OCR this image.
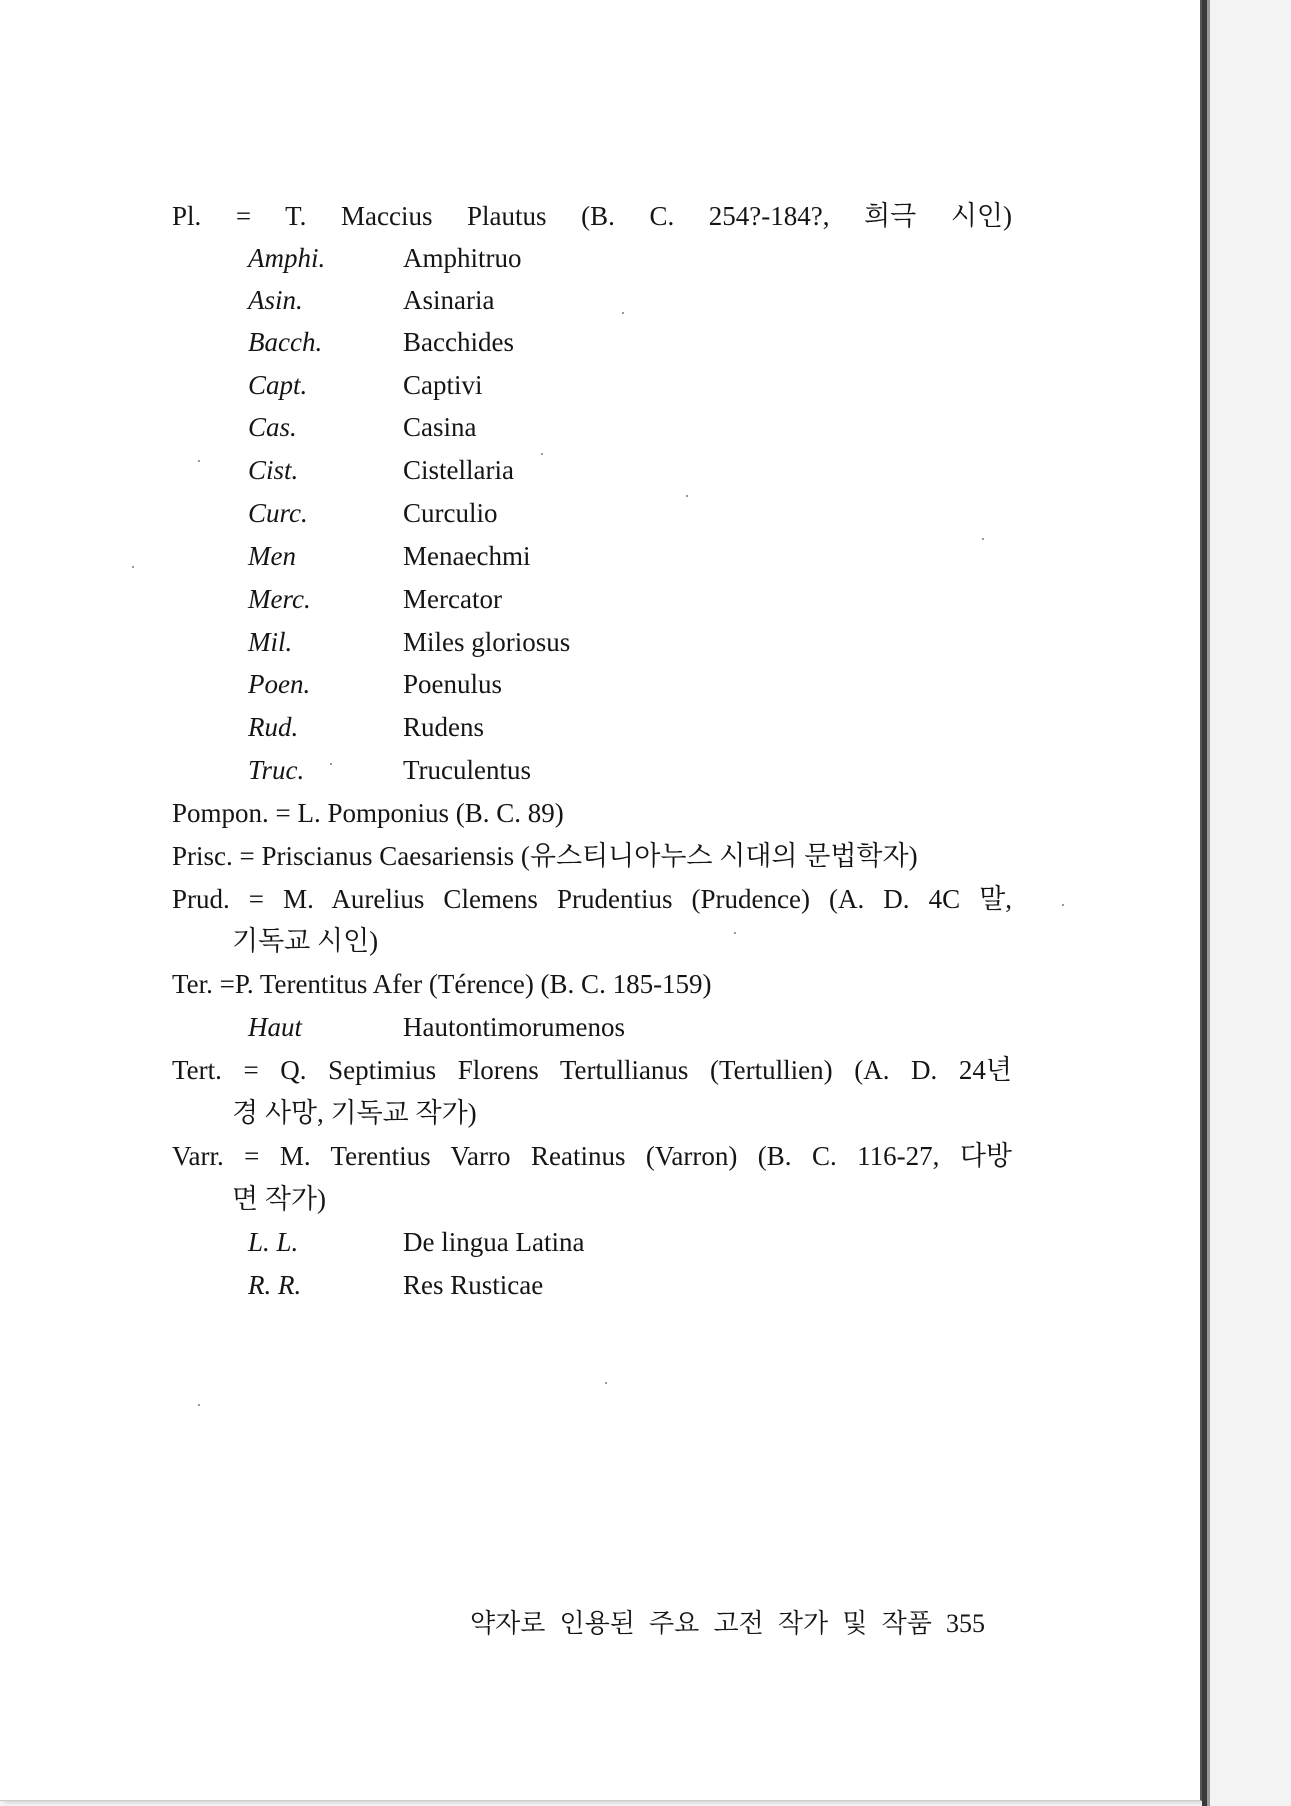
Pl. = T. Maccius Plautus (B. C. 254?-184?, 희극 시인)
Amphi.	Amphitruo
Asin.	Asinaria
Bacch.	Bacchides
Capt.	Captivi
Cas.	Casina
Cist.	Cistellaria
Curc.	Curculio
Men	Menaechmi
Merc.	Mercator
Mil.	Miles gloriosus
Poen.	Poenulus
Rud.	Rudens
Truc.	Truculentus
Pompon. = L. Pomponius (B. C. 89)
Prisc. = Priscianus Caesariensis (유스티니아누스 시대의 문법학자)
Prud. = M. Aurelius Clemens Prudentius (Prudence) (A. D. 4C 말,
기독교 시인)
Ter. =P. Terentitus Afer (Térence) (B. C. 185-159)
Haut	Hautontimorumenos
Tert. = Q. Septimius Florens Tertullianus (Tertullien) (A. D. 24년
경 사망, 기독교 작가)
Varr. = M. Terentius Varro Reatinus (Varron) (B. C. 116-27, 다방
면 작가)
L. L.	De lingua Latina
R. R.	Res Rusticae
약자로 인용된 주요 고전 작가 및 작품 355
